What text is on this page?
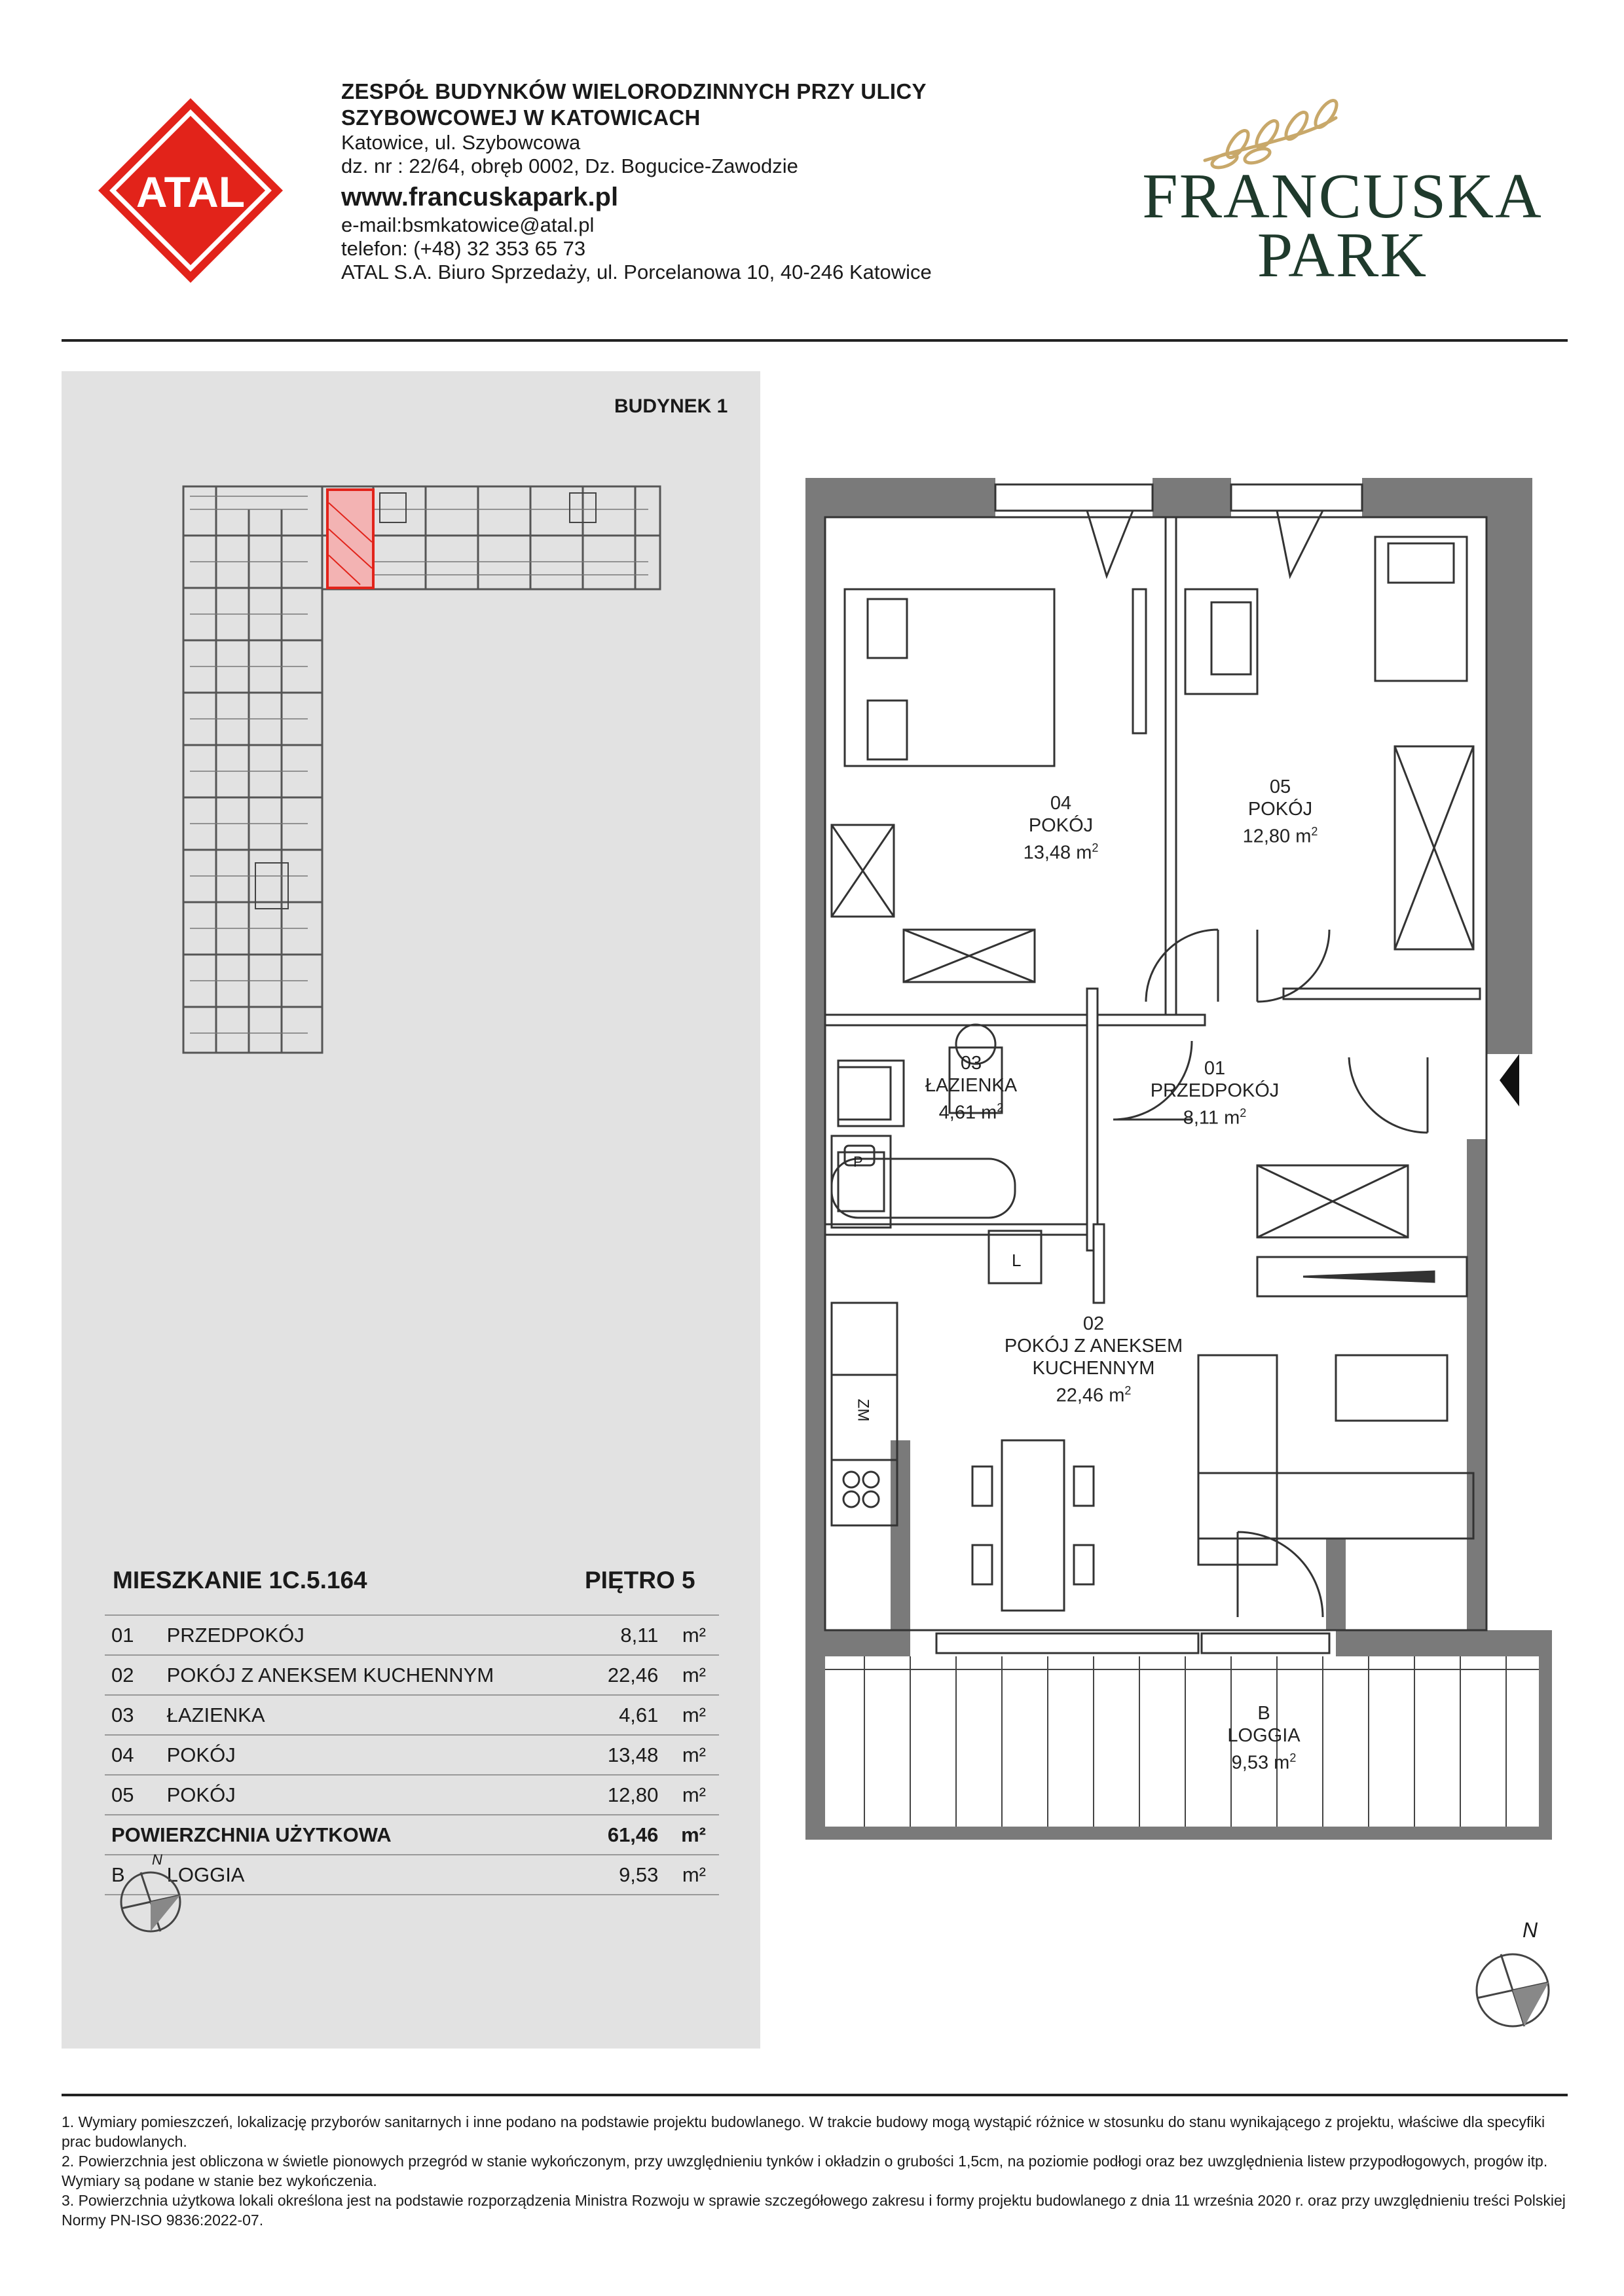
ATAL
ZESPÓŁ BUDYNKÓW WIELORODZINNYCH PRZY ULICY
SZYBOWCOWEJ W KATOWICACH
Katowice, ul. Szybowcowa
dz. nr : 22/64, obręb 0002, Dz. Bogucice-Zawodzie
www.francuskapark.pl
e-mail:bsmkatowice@atal.pl
telefon: (+48) 32 353 65 73
ATAL S.A. Biuro Sprzedaży, ul. Porcelanowa 10, 40-246 Katowice
FRANCUSKA
PARK
BUDYNEK 1
MIESZKANIE 1C.5.164	PIĘTRO 5
01	PRZEDPOKÓJ	8,11	m²
02	POKÓJ Z ANEKSEM KUCHENNYM	22,46	m²
03	ŁAZIENKA	4,61	m²
04	POKÓJ	13,48	m²
05	POKÓJ	12,80	m²
POWIERZCHNIA UŻYTKOWA		61,46	m²
B	LOGGIA	9,53	m²
N
L
ZM
P
04
POKÓJ
13,48 $m^2$
05
POKÓJ
12,80 $m^2$
03
ŁAZIENKA
4,61 $m^2$
01
PRZEDPOKÓJ
8,11 $m^2$
02
POKÓJ Z ANEKSEM
KUCHENNYM
22,46 $m^2$
B
LOGGIA
9,53 $m^2$
N
1. Wymiary pomieszczeń, lokalizację przyborów sanitarnych i inne podano na podstawie projektu budowlanego. W trakcie budowy mogą wystąpić różnice w stosunku do stanu wynikającego z projektu, właściwe dla specyfiki prac budowlanych.
2. Powierzchnia jest obliczona w świetle pionowych przegród w stanie wykończonym, przy uwzględnieniu tynków i okładzin o grubości 1,5cm, na poziomie podłogi oraz bez uwzględnienia listew przypodłogowych, progów itp. Wymiary są podane w stanie bez wykończenia.
3. Powierzchnia użytkowa lokali określona jest na podstawie rozporządzenia Ministra Rozwoju w sprawie szczegółowego zakresu i formy projektu budowlanego z dnia 11 września 2020 r. oraz przy uwzględnieniu treści Polskiej Normy PN-ISO 9836:2022-07.
